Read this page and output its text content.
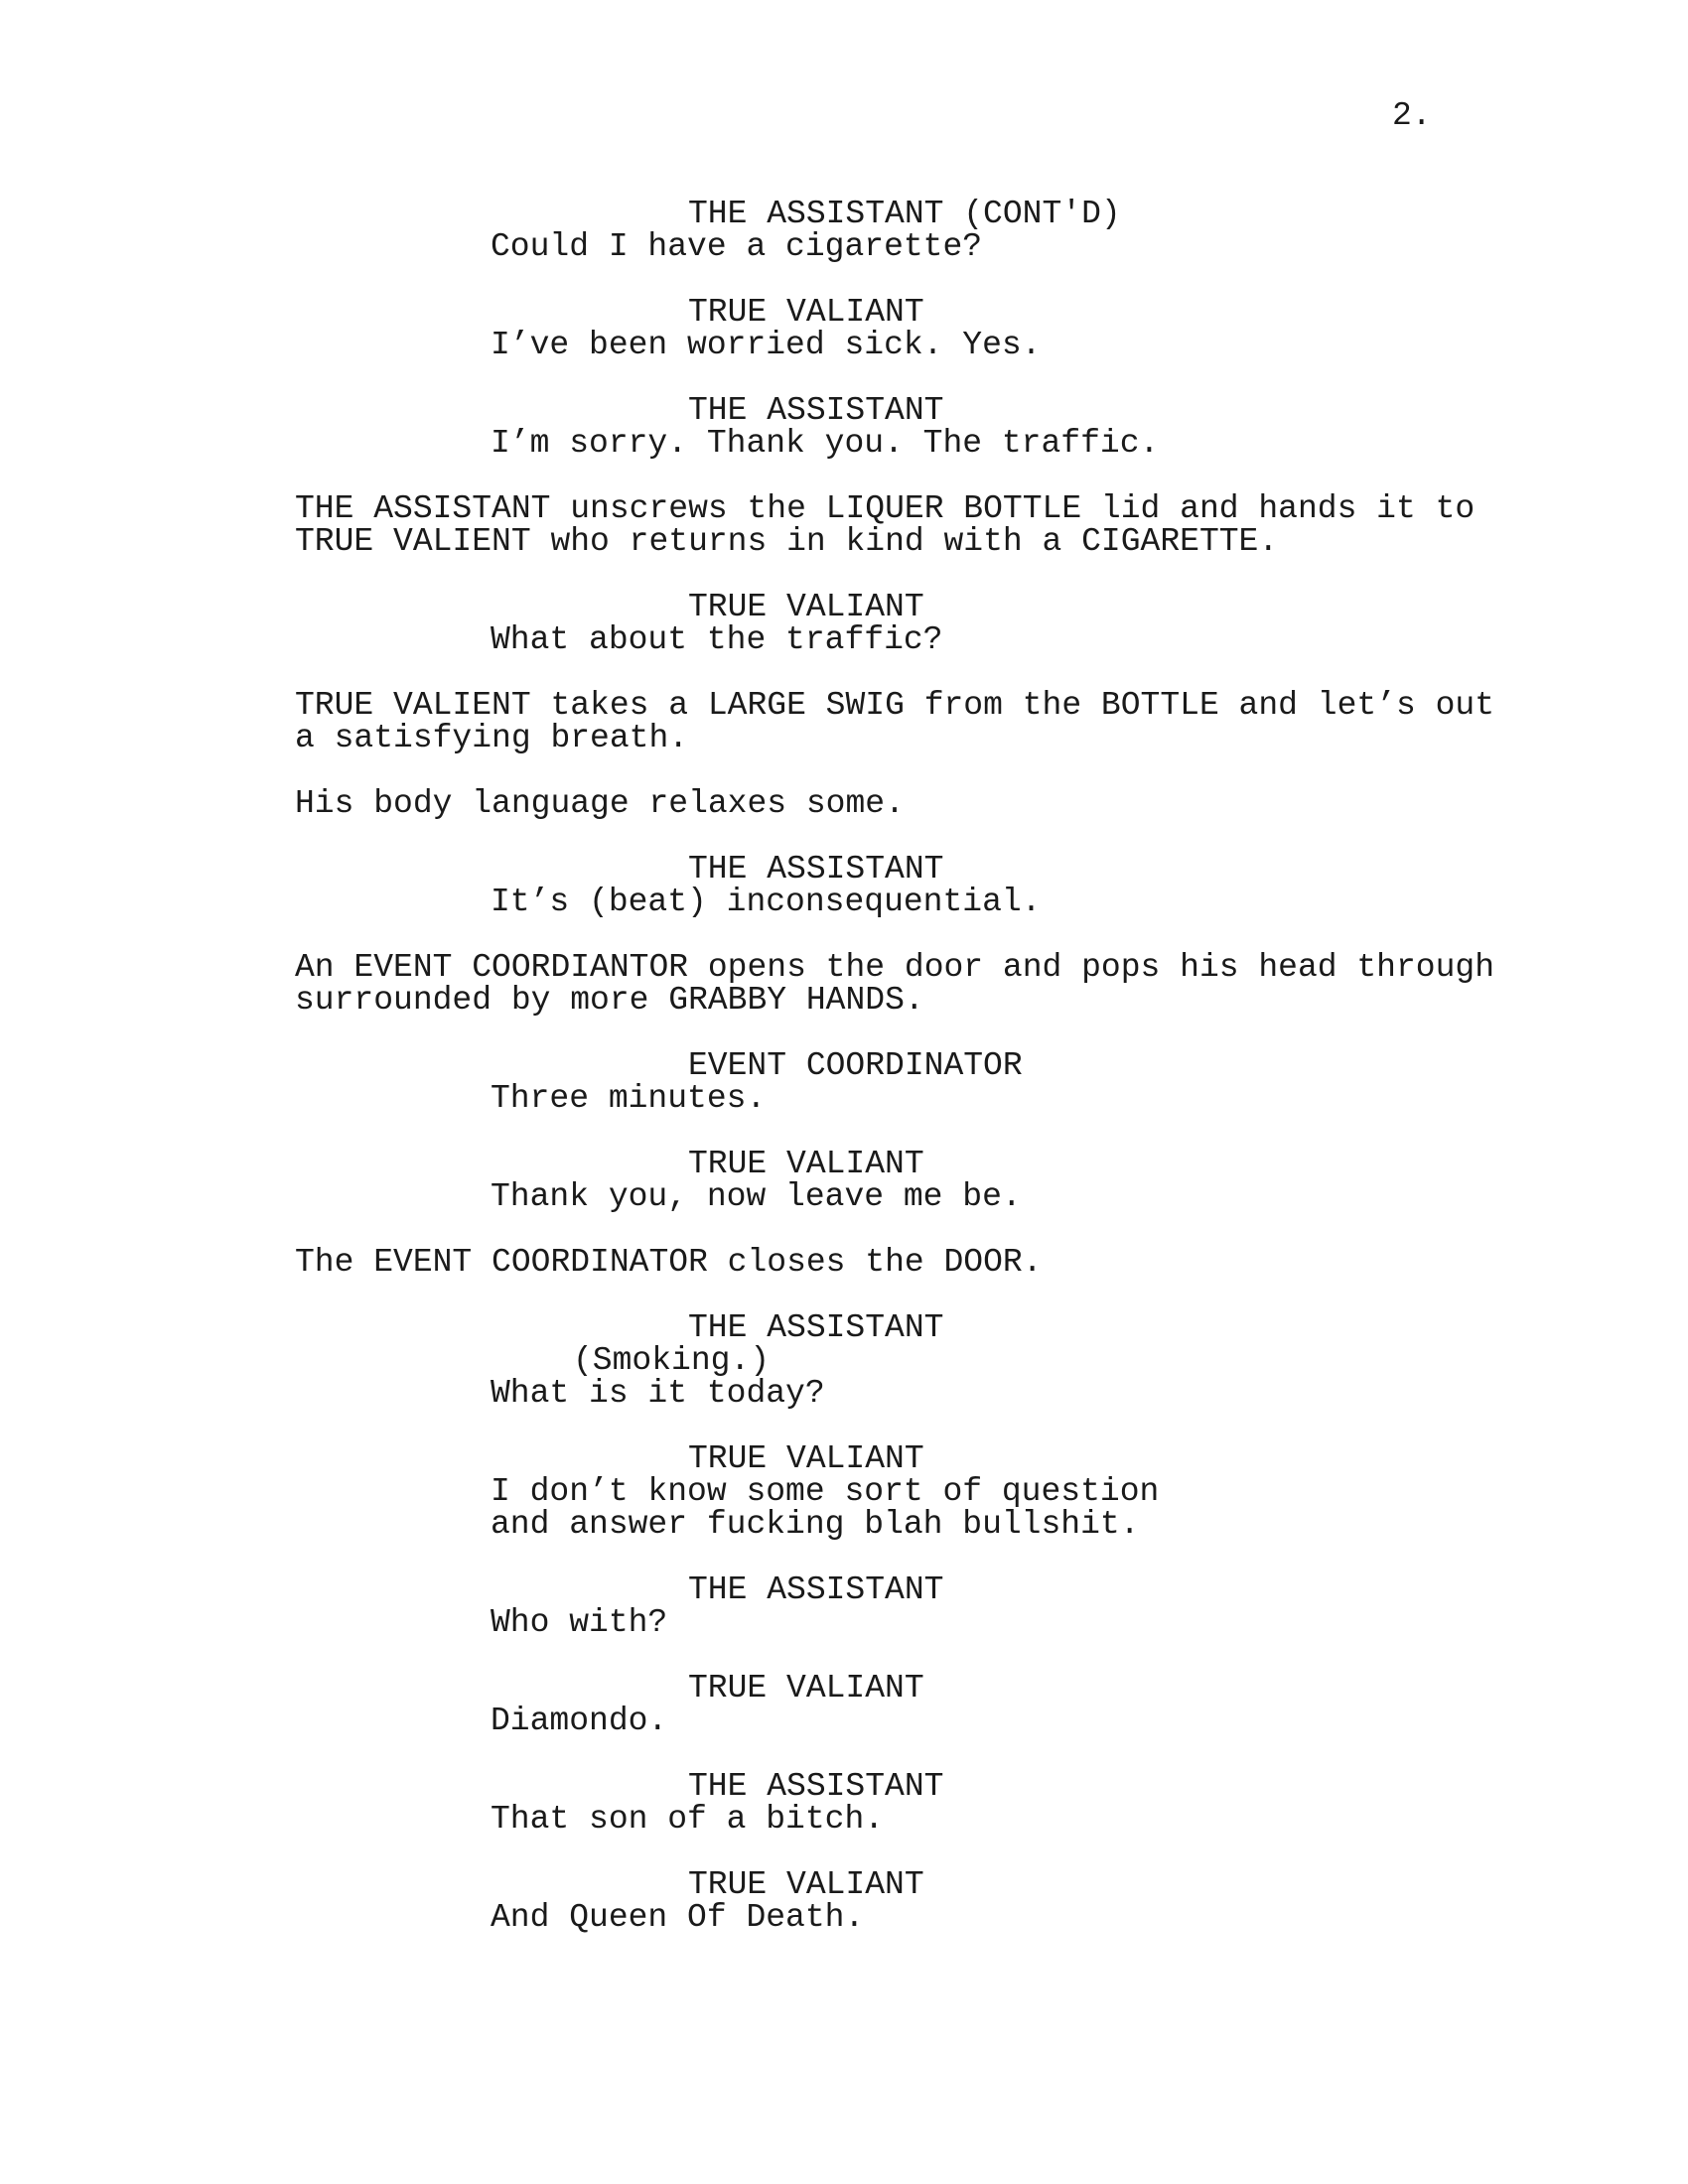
2.
THE ASSISTANT (CONT'D)
Could I have a cigarette?
TRUE VALIANT
I’ve been worried sick. Yes.
THE ASSISTANT
I’m sorry. Thank you. The traffic.
THE ASSISTANT unscrews the LIQUER BOTTLE lid and hands it to
TRUE VALIENT who returns in kind with a CIGARETTE.
TRUE VALIANT
What about the traffic?
TRUE VALIENT takes a LARGE SWIG from the BOTTLE and let’s out
a satisfying breath.
His body language relaxes some.
THE ASSISTANT
It’s (beat) inconsequential.
An EVENT COORDIANTOR opens the door and pops his head through
surrounded by more GRABBY HANDS.
EVENT COORDINATOR
Three minutes.
TRUE VALIANT
Thank you, now leave me be.
The EVENT COORDINATOR closes the DOOR.
THE ASSISTANT
(Smoking.)
What is it today?
TRUE VALIANT
I don’t know some sort of question
and answer fucking blah bullshit.
THE ASSISTANT
Who with?
TRUE VALIANT
Diamondo.
THE ASSISTANT
That son of a bitch.
TRUE VALIANT
And Queen Of Death.
